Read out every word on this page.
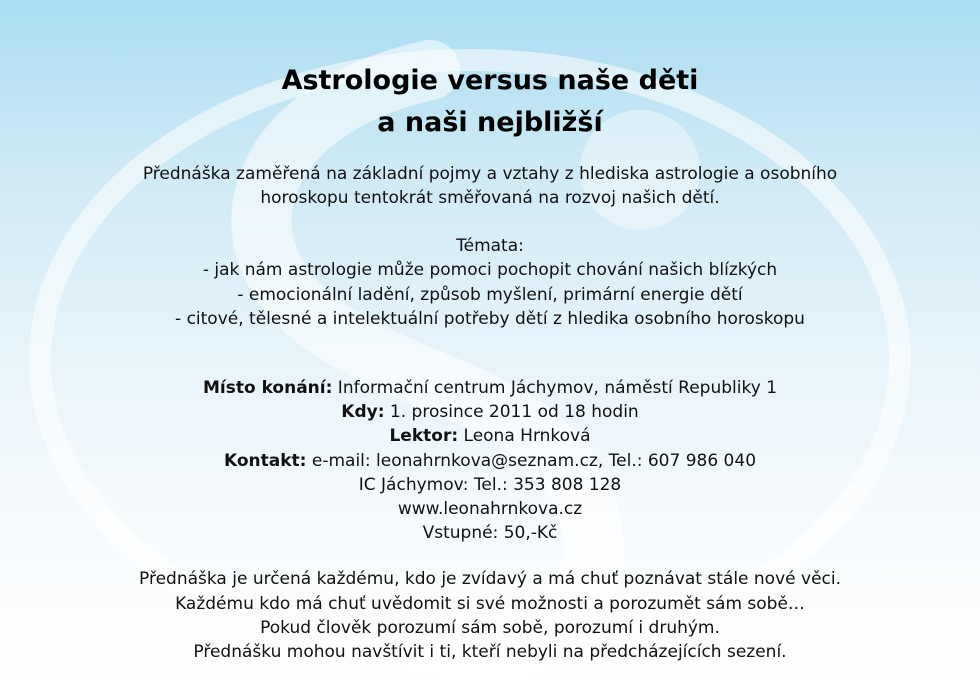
Astrologie versus naše děti
a naši nejbližší
Přednáška zaměřená na základní pojmy a vztahy z hlediska astrologie a osobního
horoskopu tentokrát směřovaná na rozvoj našich dětí.
Témata:
- jak nám astrologie může pomoci pochopit chování našich blízkých
- emocionální ladění, způsob myšlení, primární energie dětí
- citové, tělesné a intelektuální potřeby dětí z hledika osobního horoskopu
Místo konání: Informační centrum Jáchymov, náměstí Republiky 1
Kdy: 1. prosince 2011 od 18 hodin
Lektor: Leona Hrnková
Kontakt: e-mail: leonahrnkova@seznam.cz, Tel.: 607 986 040
IC Jáchymov: Tel.: 353 808 128
www.leonahrnkova.cz
Vstupné: 50,-Kč
Přednáška je určená každému, kdo je zvídavý a má chuť poznávat stále nové věci.
Každému kdo má chuť uvědomit si své možnosti a porozumět sám sobě…
Pokud člověk porozumí sám sobě, porozumí i druhým.
Přednášku mohou navštívit i ti, kteří nebyli na předcházejících sezení.
